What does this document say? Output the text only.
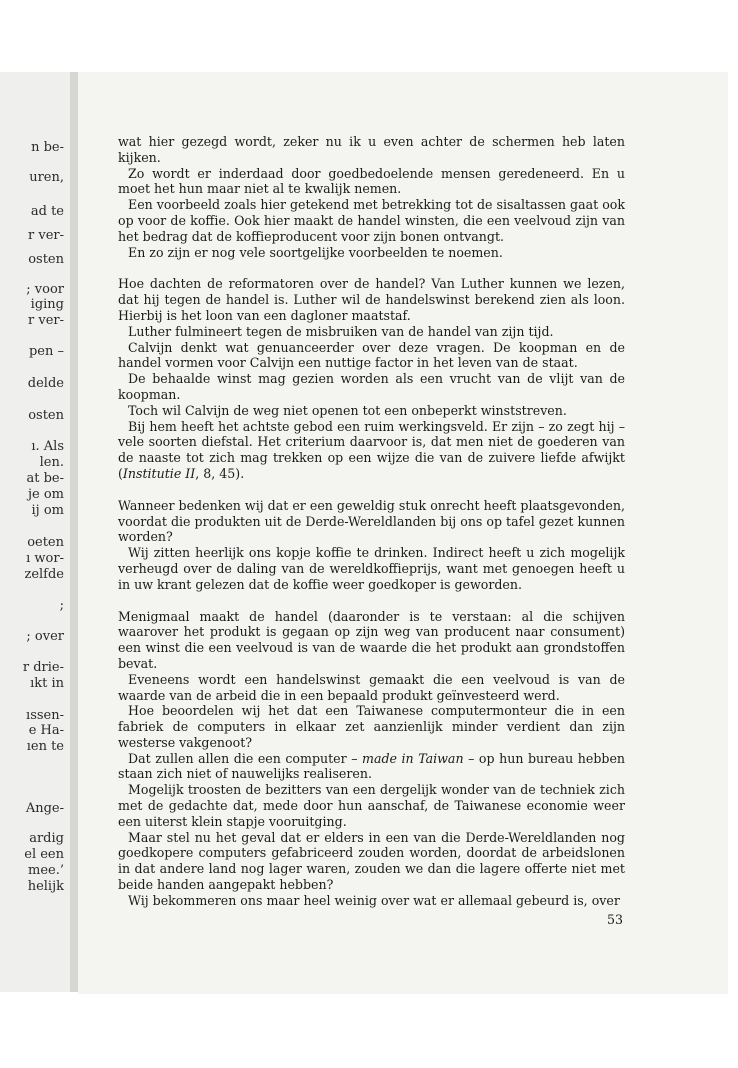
n be-
uren,
ad te
r ver-
osten
; voor
iging
r ver-
pen –
delde
osten
ı. Als
len.
at be-
je om
ij om
oeten
ı wor-
zelfde
;
; over
r drie-
ıkt in
ıssen-
e Ha-
ıen te
Ange-
ardig
el een
mee.’
helijk

wat hier gezegd wordt, zeker nu ik u even achter de schermen heb laten kijken.

Zo wordt er inderdaad door goedbedoelende mensen geredeneerd. En u moet het hun maar niet al te kwalijk nemen.

Een voorbeeld zoals hier getekend met betrekking tot de sisaltassen gaat ook op voor de koffie. Ook hier maakt de handel winsten, die een veelvoud zijn van het bedrag dat de koffieproducent voor zijn bonen ontvangt.

En zo zijn er nog vele soortgelijke voorbeelden te noemen.

Hoe dachten de reformatoren over de handel? Van Luther kunnen we lezen, dat hij tegen de handel is. Luther wil de handelswinst berekend zien als loon. Hierbij is het loon van een dagloner maatstaf.

Luther fulmineert tegen de misbruiken van de handel van zijn tijd.

Calvijn denkt wat genuanceerder over deze vragen. De koopman en de handel vormen voor Calvijn een nuttige factor in het leven van de staat.

De behaalde winst mag gezien worden als een vrucht van de vlijt van de koopman.

Toch wil Calvijn de weg niet openen tot een onbeperkt winststreven.

Bij hem heeft het achtste gebod een ruim werkingsveld. Er zijn – zo zegt hij – vele soorten diefstal. Het criterium daarvoor is, dat men niet de goederen van de naaste tot zich mag trekken op een wijze die van de zuivere liefde afwijkt (Institutie II, 8, 45).

Wanneer bedenken wij dat er een geweldig stuk onrecht heeft plaatsgevonden, voordat die produkten uit de Derde-Wereldlanden bij ons op tafel gezet kunnen worden?

Wij zitten heerlijk ons kopje koffie te drinken. Indirect heeft u zich mogelijk verheugd over de daling van de wereldkoffieprijs, want met genoegen heeft u in uw krant gelezen dat de koffie weer goedkoper is geworden.

Menigmaal maakt de handel (daaronder is te verstaan: al die schijven waarover het produkt is gegaan op zijn weg van producent naar consument) een winst die een veelvoud is van de waarde die het produkt aan grondstoffen bevat.

Eveneens wordt een handelswinst gemaakt die een veelvoud is van de waarde van de arbeid die in een bepaald produkt geïnvesteerd werd.

Hoe beoordelen wij het dat een Taiwanese computermonteur die in een fabriek de computers in elkaar zet aanzienlijk minder verdient dan zijn westerse vakgenoot?

Dat zullen allen die een computer – made in Taiwan – op hun bureau hebben staan zich niet of nauwelijks realiseren.

Mogelijk troosten de bezitters van een dergelijk wonder van de techniek zich met de gedachte dat, mede door hun aanschaf, de Taiwanese economie weer een uiterst klein stapje vooruitging.

Maar stel nu het geval dat er elders in een van die Derde-Wereldlanden nog goedkopere computers gefabriceerd zouden worden, doordat de arbeidslonen in dat andere land nog lager waren, zouden we dan die lagere offerte niet met beide handen aangepakt hebben?

Wij bekommeren ons maar heel weinig over wat er allemaal gebeurd is, over

53
